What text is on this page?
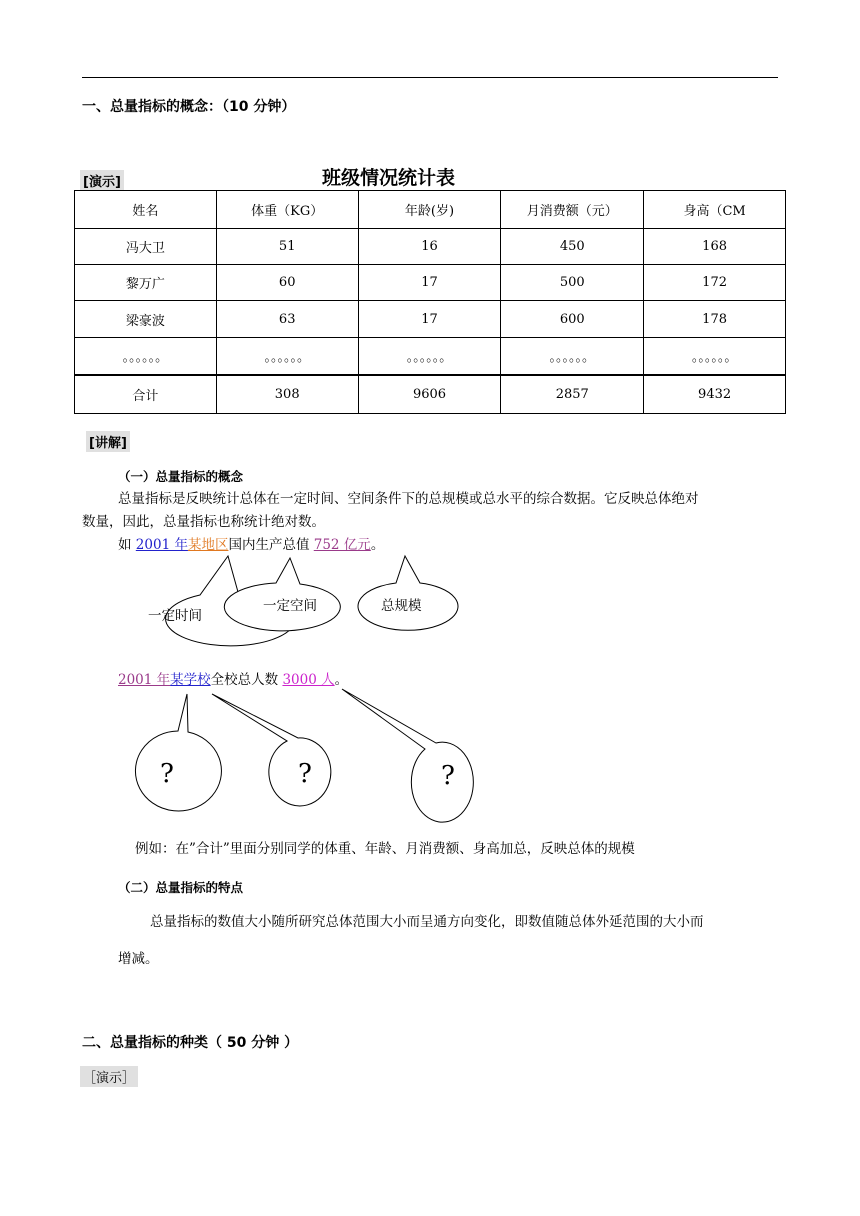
一、总量指标的概念：（10 分钟）
[演示]	班级情况统计表
姓名	体重（KG）	年龄(岁)	月消费额（元）	身高（CM
冯大卫	51	16	450	168
黎万广	60	17	500	172
梁豪波	63	17	600	178
。。。。。。	。。。。。。	。。。。。。	。。。。。。	。。。。。。
合计	308	9606	2857	9432
[讲解]
（一）总量指标的概念
总量指标是反映统计总体在一定时间、空间条件下的总规模或总水平的综合数据。它反映总体绝对
数量，因此，总量指标也称统计绝对数。
如 2001 年某地区国内生产总值 752 亿元。
一定时间
一定空间	总规模
2001 年某学校全校总人数 3000 人。
?	?	?
例如：在”合计”里面分别同学的体重、年龄、月消费额、身高加总，反映总体的规模
（二）总量指标的特点
总量指标的数值大小随所研究总体范围大小而呈通方向变化，即数值随总体外延范围的大小而
增减。
二、总量指标的种类（ 50 分钟 ）
［演示］
